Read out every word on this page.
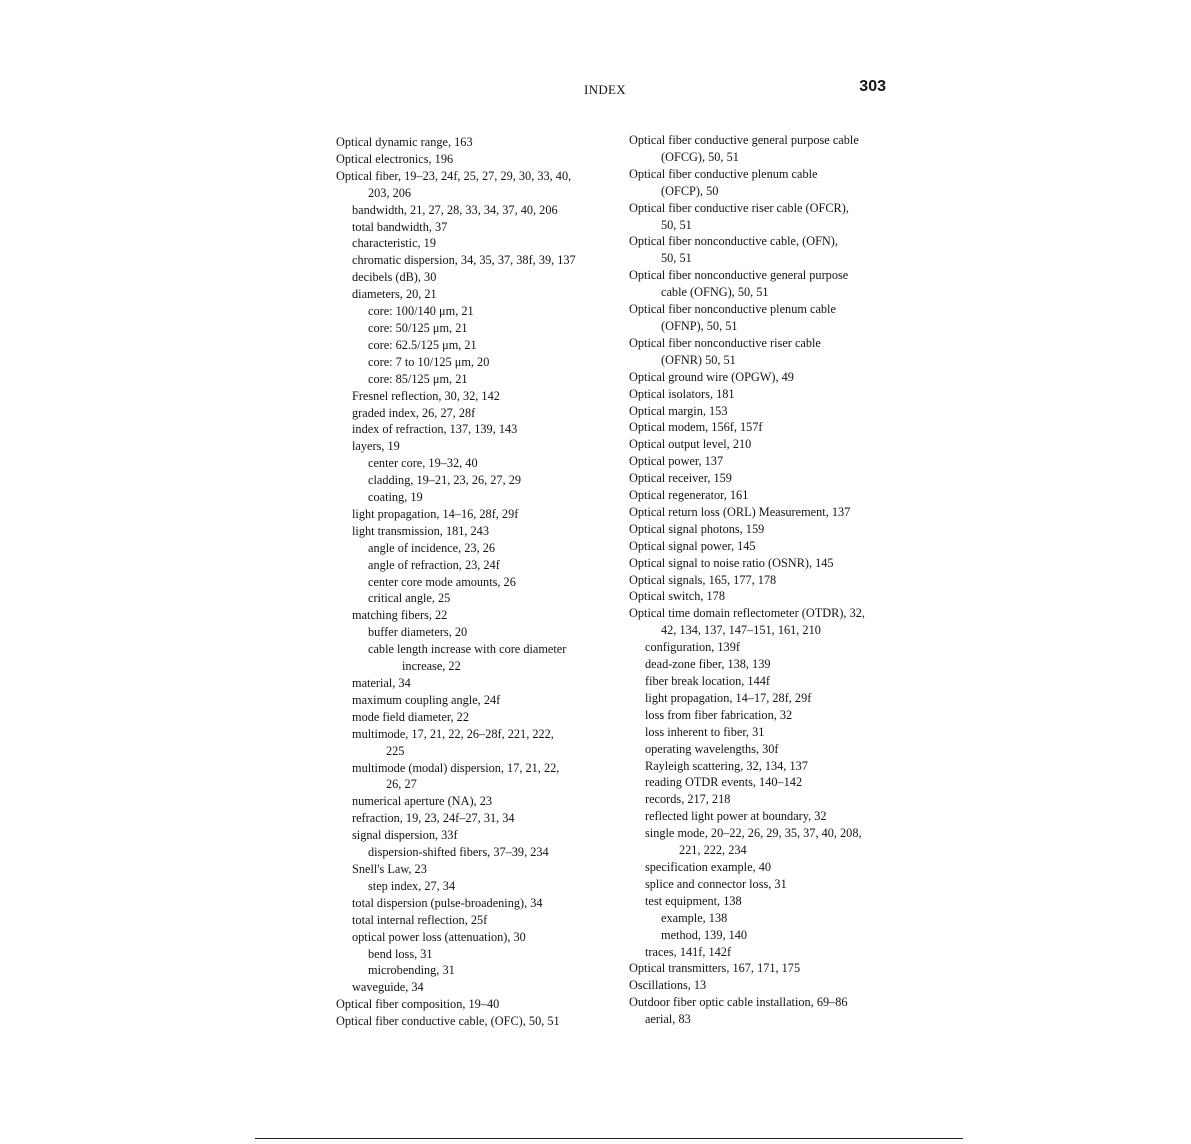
INDEX	303
Optical dynamic range, 163
Optical electronics, 196
Optical fiber, 19–23, 24f, 25, 27, 29, 30, 33, 40,
203, 206
bandwidth, 21, 27, 28, 33, 34, 37, 40, 206
total bandwidth, 37
characteristic, 19
chromatic dispersion, 34, 35, 37, 38f, 39, 137
decibels (dB), 30
diameters, 20, 21
core: 100/140 μm, 21
core: 50/125 μm, 21
core: 62.5/125 μm, 21
core: 7 to 10/125 μm, 20
core: 85/125 μm, 21
Fresnel reflection, 30, 32, 142
graded index, 26, 27, 28f
index of refraction, 137, 139, 143
layers, 19
center core, 19–32, 40
cladding, 19–21, 23, 26, 27, 29
coating, 19
light propagation, 14–16, 28f, 29f
light transmission, 181, 243
angle of incidence, 23, 26
angle of refraction, 23, 24f
center core mode amounts, 26
critical angle, 25
matching fibers, 22
buffer diameters, 20
cable length increase with core diameter
increase, 22
material, 34
maximum coupling angle, 24f
mode field diameter, 22
multimode, 17, 21, 22, 26–28f, 221, 222,
225
multimode (modal) dispersion, 17, 21, 22,
26, 27
numerical aperture (NA), 23
refraction, 19, 23, 24f–27, 31, 34
signal dispersion, 33f
dispersion-shifted fibers, 37–39, 234
Snell's Law, 23
step index, 27, 34
total dispersion (pulse-broadening), 34
total internal reflection, 25f
optical power loss (attenuation), 30
bend loss, 31
microbending, 31
waveguide, 34
Optical fiber composition, 19–40
Optical fiber conductive cable, (OFC), 50, 51
Optical fiber conductive general purpose cable
(OFCG), 50, 51
Optical fiber conductive plenum cable
(OFCP), 50
Optical fiber conductive riser cable (OFCR),
50, 51
Optical fiber nonconductive cable, (OFN),
50, 51
Optical fiber nonconductive general purpose
cable (OFNG), 50, 51
Optical fiber nonconductive plenum cable
(OFNP), 50, 51
Optical fiber nonconductive riser cable
(OFNR) 50, 51
Optical ground wire (OPGW), 49
Optical isolators, 181
Optical margin, 153
Optical modem, 156f, 157f
Optical output level, 210
Optical power, 137
Optical receiver, 159
Optical regenerator, 161
Optical return loss (ORL) Measurement, 137
Optical signal photons, 159
Optical signal power, 145
Optical signal to noise ratio (OSNR), 145
Optical signals, 165, 177, 178
Optical switch, 178
Optical time domain reflectometer (OTDR), 32,
42, 134, 137, 147–151, 161, 210
configuration, 139f
dead-zone fiber, 138, 139
fiber break location, 144f
light propagation, 14–17, 28f, 29f
loss from fiber fabrication, 32
loss inherent to fiber, 31
operating wavelengths, 30f
Rayleigh scattering, 32, 134, 137
reading OTDR events, 140–142
records, 217, 218
reflected light power at boundary, 32
single mode, 20–22, 26, 29, 35, 37, 40, 208,
221, 222, 234
specification example, 40
splice and connector loss, 31
test equipment, 138
example, 138
method, 139, 140
traces, 141f, 142f
Optical transmitters, 167, 171, 175
Oscillations, 13
Outdoor fiber optic cable installation, 69–86
aerial, 83
